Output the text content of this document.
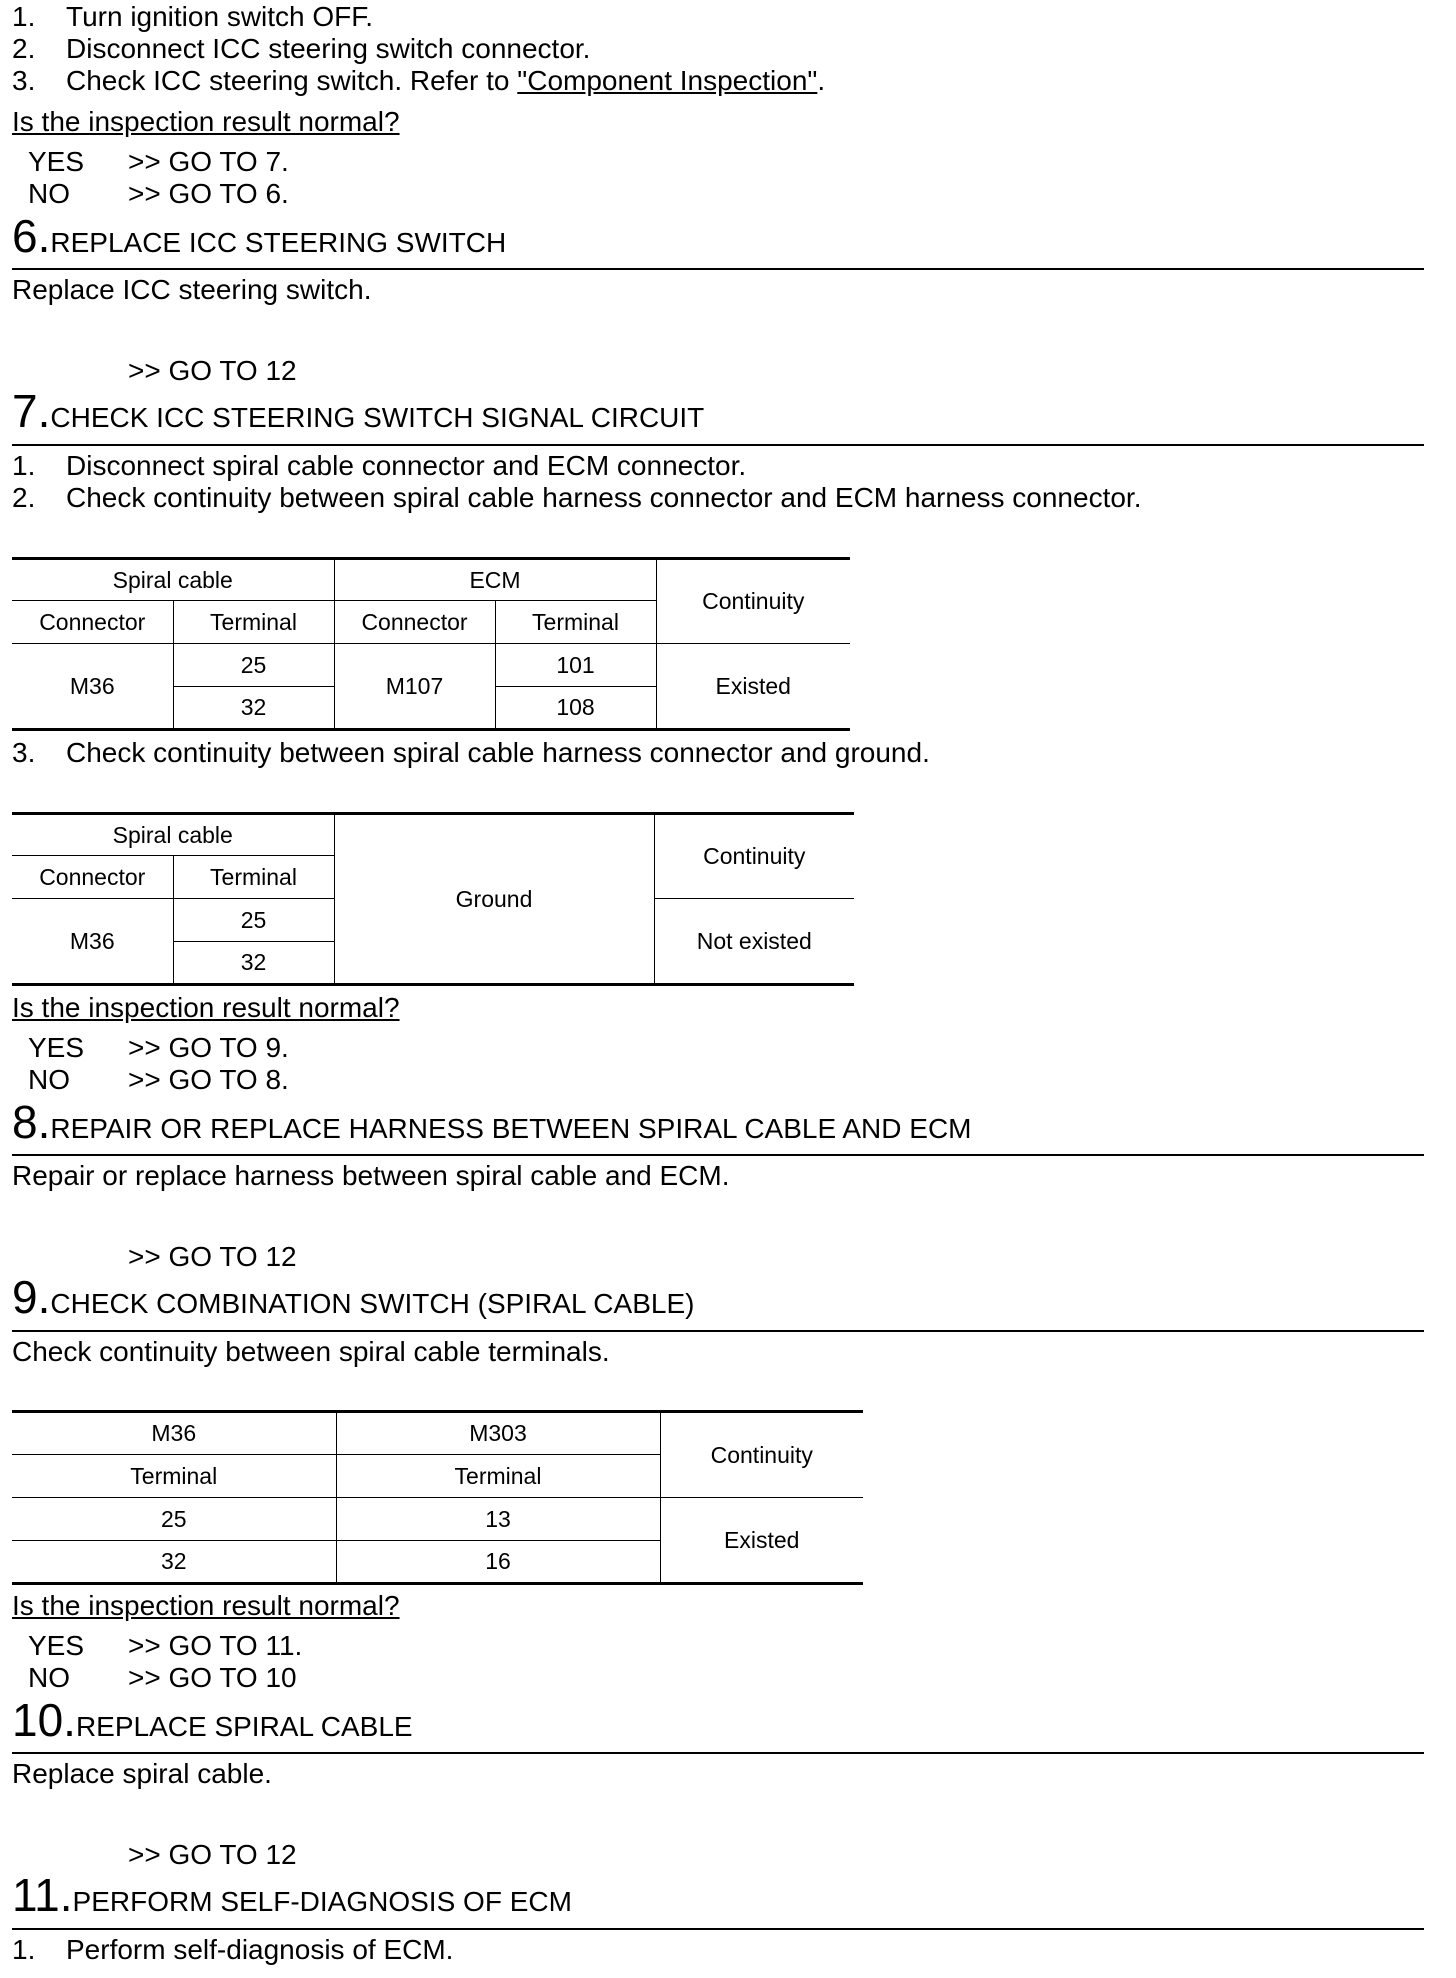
1. Turn ignition switch OFF.
2. Disconnect ICC steering switch connector.
3. Check ICC steering switch. Refer to "Component Inspection".
Is the inspection result normal?
YES >> GO TO 7.
NO >> GO TO 6.
6.REPLACE ICC STEERING SWITCH
Replace ICC steering switch.
>> GO TO 12
7.CHECK ICC STEERING SWITCH SIGNAL CIRCUIT
1. Disconnect spiral cable connector and ECM connector.
2. Check continuity between spiral cable harness connector and ECM harness connector.
Spiral cable		ECM		Continuity
Connector	Terminal	Connector	Terminal	
M36	25	M107	101	Existed
	32		108	
3. Check continuity between spiral cable harness connector and ground.
Spiral cable		Ground	Continuity
Connector	Terminal		
M36	25		Not existed
	32		
Is the inspection result normal?
YES >> GO TO 9.
NO >> GO TO 8.
8.REPAIR OR REPLACE HARNESS BETWEEN SPIRAL CABLE AND ECM
Repair or replace harness between spiral cable and ECM.
>> GO TO 12
9.CHECK COMBINATION SWITCH (SPIRAL CABLE)
Check continuity between spiral cable terminals.
M36	M303	Continuity
Terminal	Terminal	
25	13	Existed
32	16	
Is the inspection result normal?
YES >> GO TO 11.
NO >> GO TO 10
10.REPLACE SPIRAL CABLE
Replace spiral cable.
>> GO TO 12
11.PERFORM SELF-DIAGNOSIS OF ECM
1. Perform self-diagnosis of ECM.
